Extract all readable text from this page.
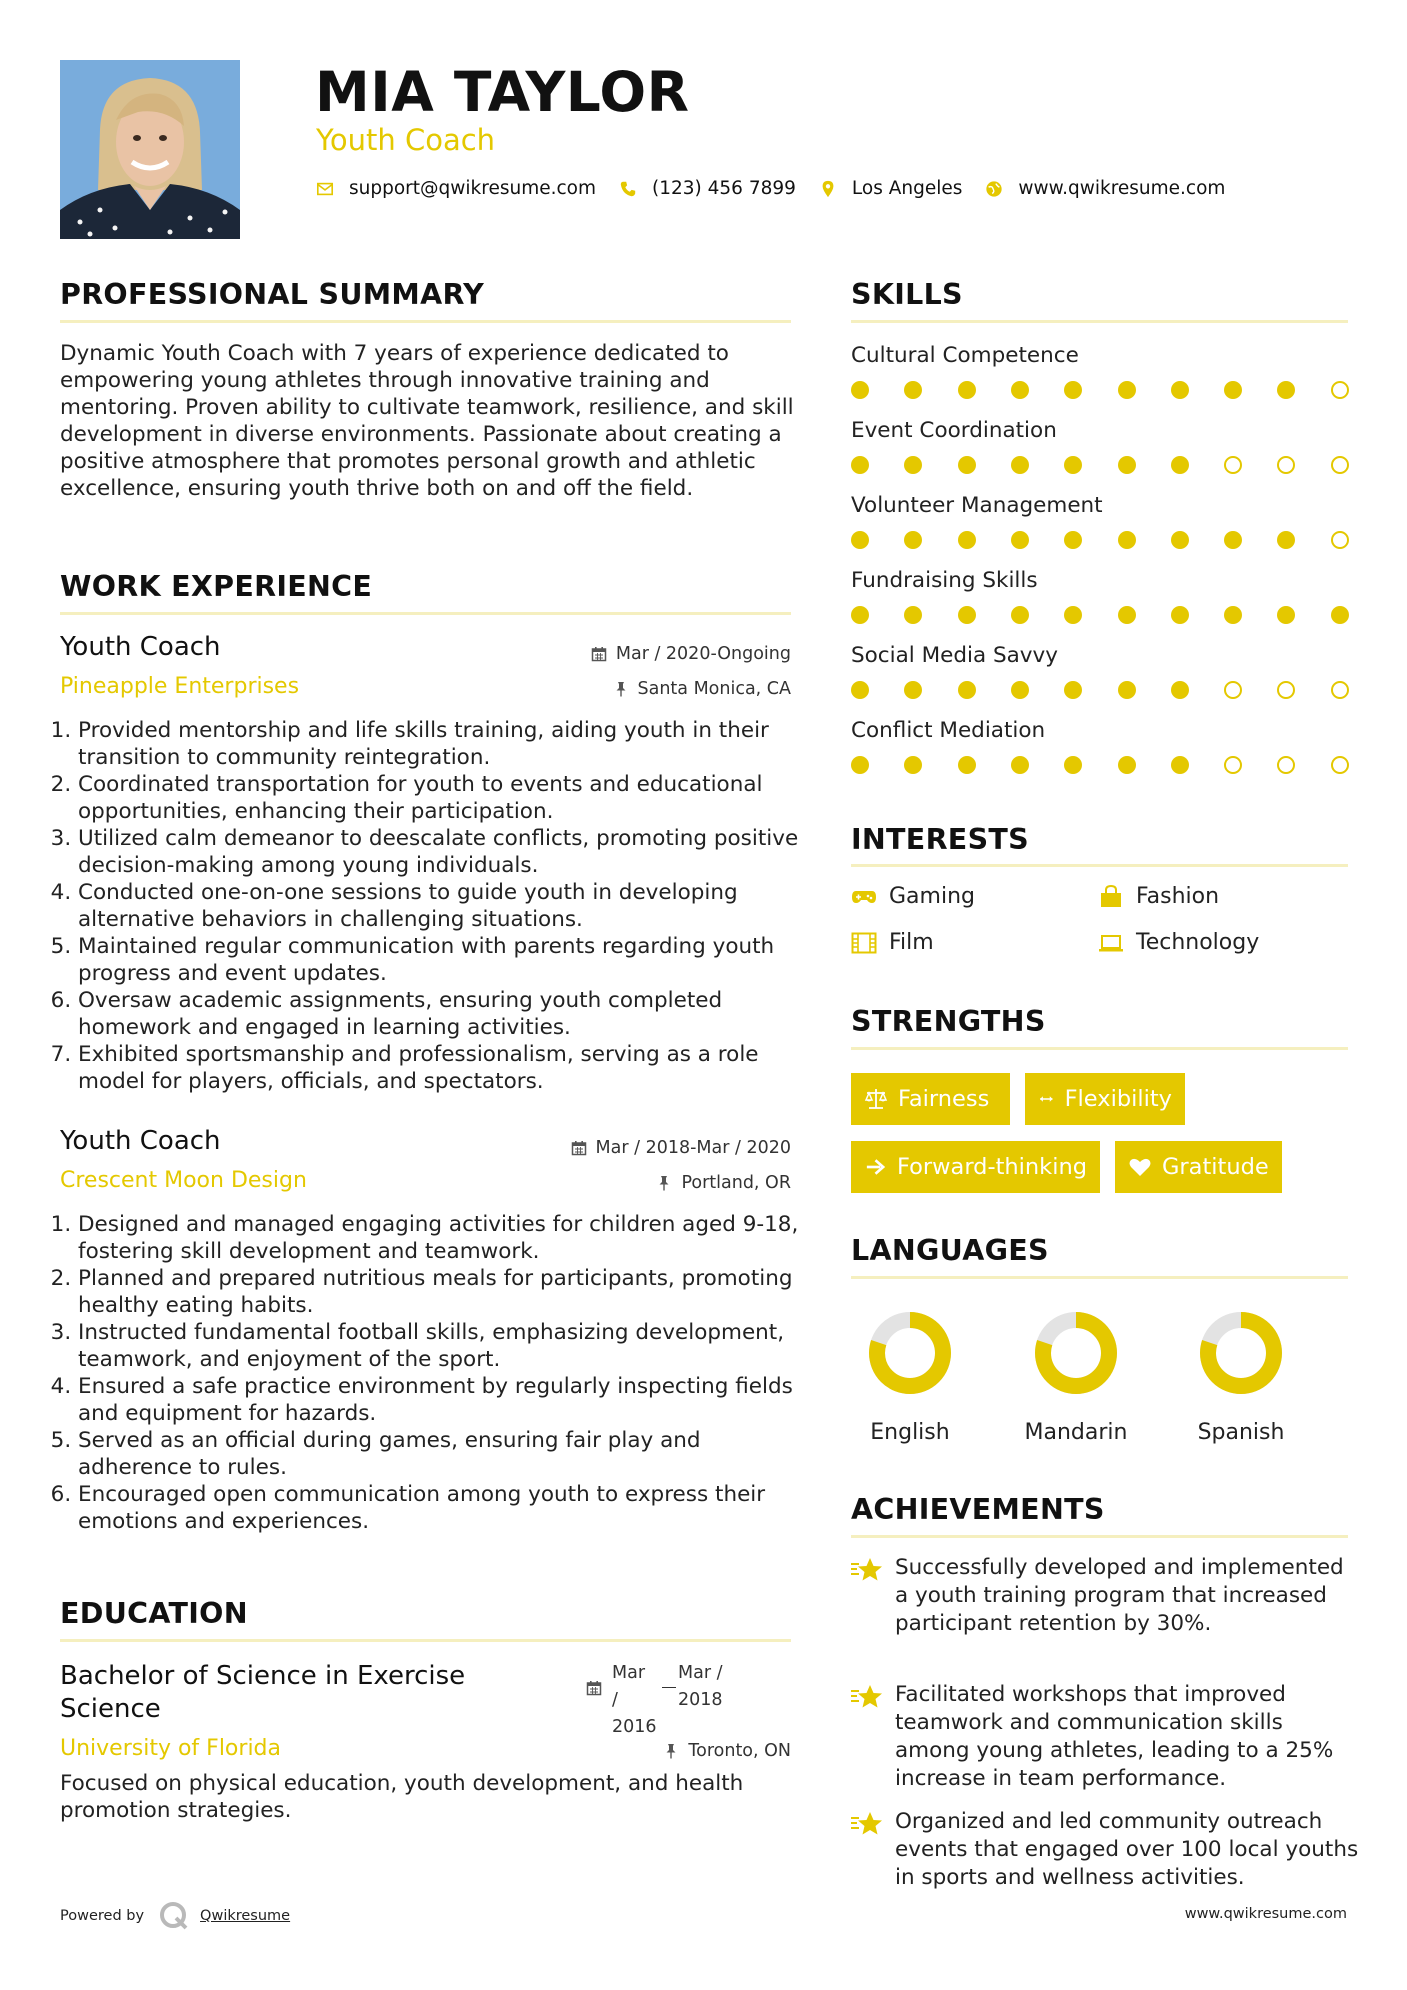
MIA TAYLOR
Youth Coach
support@qwikresume.com	(123) 456 7899	Los Angeles	www.qwikresume.com
PROFESSIONAL SUMMARY
Dynamic Youth Coach with 7 years of experience dedicated to empowering young athletes through innovative training and mentoring. Proven ability to cultivate teamwork, resilience, and skill development in diverse environments. Passionate about creating a positive atmosphere that promotes personal growth and athletic excellence, ensuring youth thrive both on and off the field.
WORK EXPERIENCE
Youth Coach
Pineapple Enterprises
Mar / 2020-Ongoing
Santa Monica, CA
1. Provided mentorship and life skills training, aiding youth in their transition to community reintegration.
2. Coordinated transportation for youth to events and educational opportunities, enhancing their participation.
3. Utilized calm demeanor to deescalate conflicts, promoting positive decision-making among young individuals.
4. Conducted one-on-one sessions to guide youth in developing alternative behaviors in challenging situations.
5. Maintained regular communication with parents regarding youth progress and event updates.
6. Oversaw academic assignments, ensuring youth completed homework and engaged in learning activities.
7. Exhibited sportsmanship and professionalism, serving as a role model for players, officials, and spectators.
Youth Coach
Crescent Moon Design
Mar / 2018-Mar / 2020
Portland, OR
1. Designed and managed engaging activities for children aged 9-18, fostering skill development and teamwork.
2. Planned and prepared nutritious meals for participants, promoting healthy eating habits.
3. Instructed fundamental football skills, emphasizing development, teamwork, and enjoyment of the sport.
4. Ensured a safe practice environment by regularly inspecting fields and equipment for hazards.
5. Served as an official during games, ensuring fair play and adherence to rules.
6. Encouraged open communication among youth to express their emotions and experiences.
EDUCATION
Bachelor of Science in Exercise Science
University of Florida
Mar /
2016
Mar /
2018
Toronto, ON
Focused on physical education, youth development, and health promotion strategies.
Powered by	Qwikresume	www.qwikresume.com
SKILLS
Cultural Competence
Event Coordination
Volunteer Management
Fundraising Skills
Social Media Savvy
Conflict Mediation
INTERESTS
Gaming	Fashion
Film	Technology
STRENGTHS
Fairness	Flexibility
Forward-thinking	Gratitude
LANGUAGES
English	Mandarin	Spanish
ACHIEVEMENTS
Successfully developed and implemented a youth training program that increased participant retention by 30%.
Facilitated workshops that improved teamwork and communication skills among young athletes, leading to a 25% increase in team performance.
Organized and led community outreach events that engaged over 100 local youths in sports and wellness activities.
